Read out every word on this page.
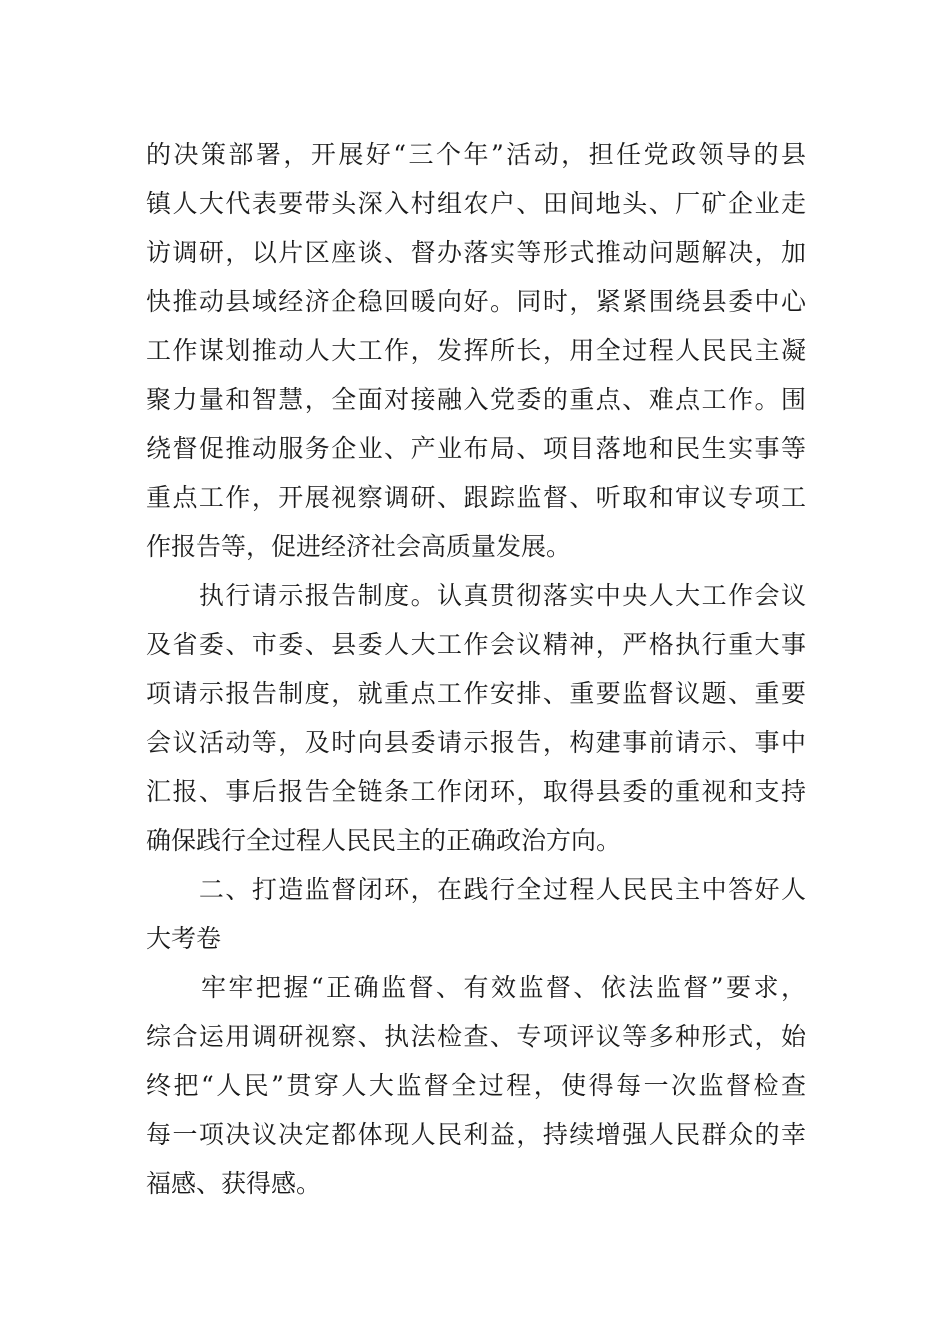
的决策部署，开展好“三个年”活动，担任党政领导的县
镇人大代表要带头深入村组农户、田间地头、厂矿企业走
访调研，以片区座谈、督办落实等形式推动问题解决，加
快推动县域经济企稳回暖向好。同时，紧紧围绕县委中心
工作谋划推动人大工作，发挥所长，用全过程人民民主凝
聚力量和智慧，全面对接融入党委的重点、难点工作。围
绕督促推动服务企业、产业布局、项目落地和民生实事等
重点工作，开展视察调研、跟踪监督、听取和审议专项工
作报告等，促进经济社会高质量发展。
　　执行请示报告制度。认真贯彻落实中央人大工作会议
及省委、市委、县委人大工作会议精神，严格执行重大事
项请示报告制度，就重点工作安排、重要监督议题、重要
会议活动等，及时向县委请示报告，构建事前请示、事中
汇报、事后报告全链条工作闭环，取得县委的重视和支持
确保践行全过程人民民主的正确政治方向。
　　二、打造监督闭环，在践行全过程人民民主中答好人
大考卷
　　牢牢把握“正确监督、有效监督、依法监督”要求，
综合运用调研视察、执法检查、专项评议等多种形式，始
终把“人民”贯穿人大监督全过程，使得每一次监督检查
每一项决议决定都体现人民利益，持续增强人民群众的幸
福感、获得感。
